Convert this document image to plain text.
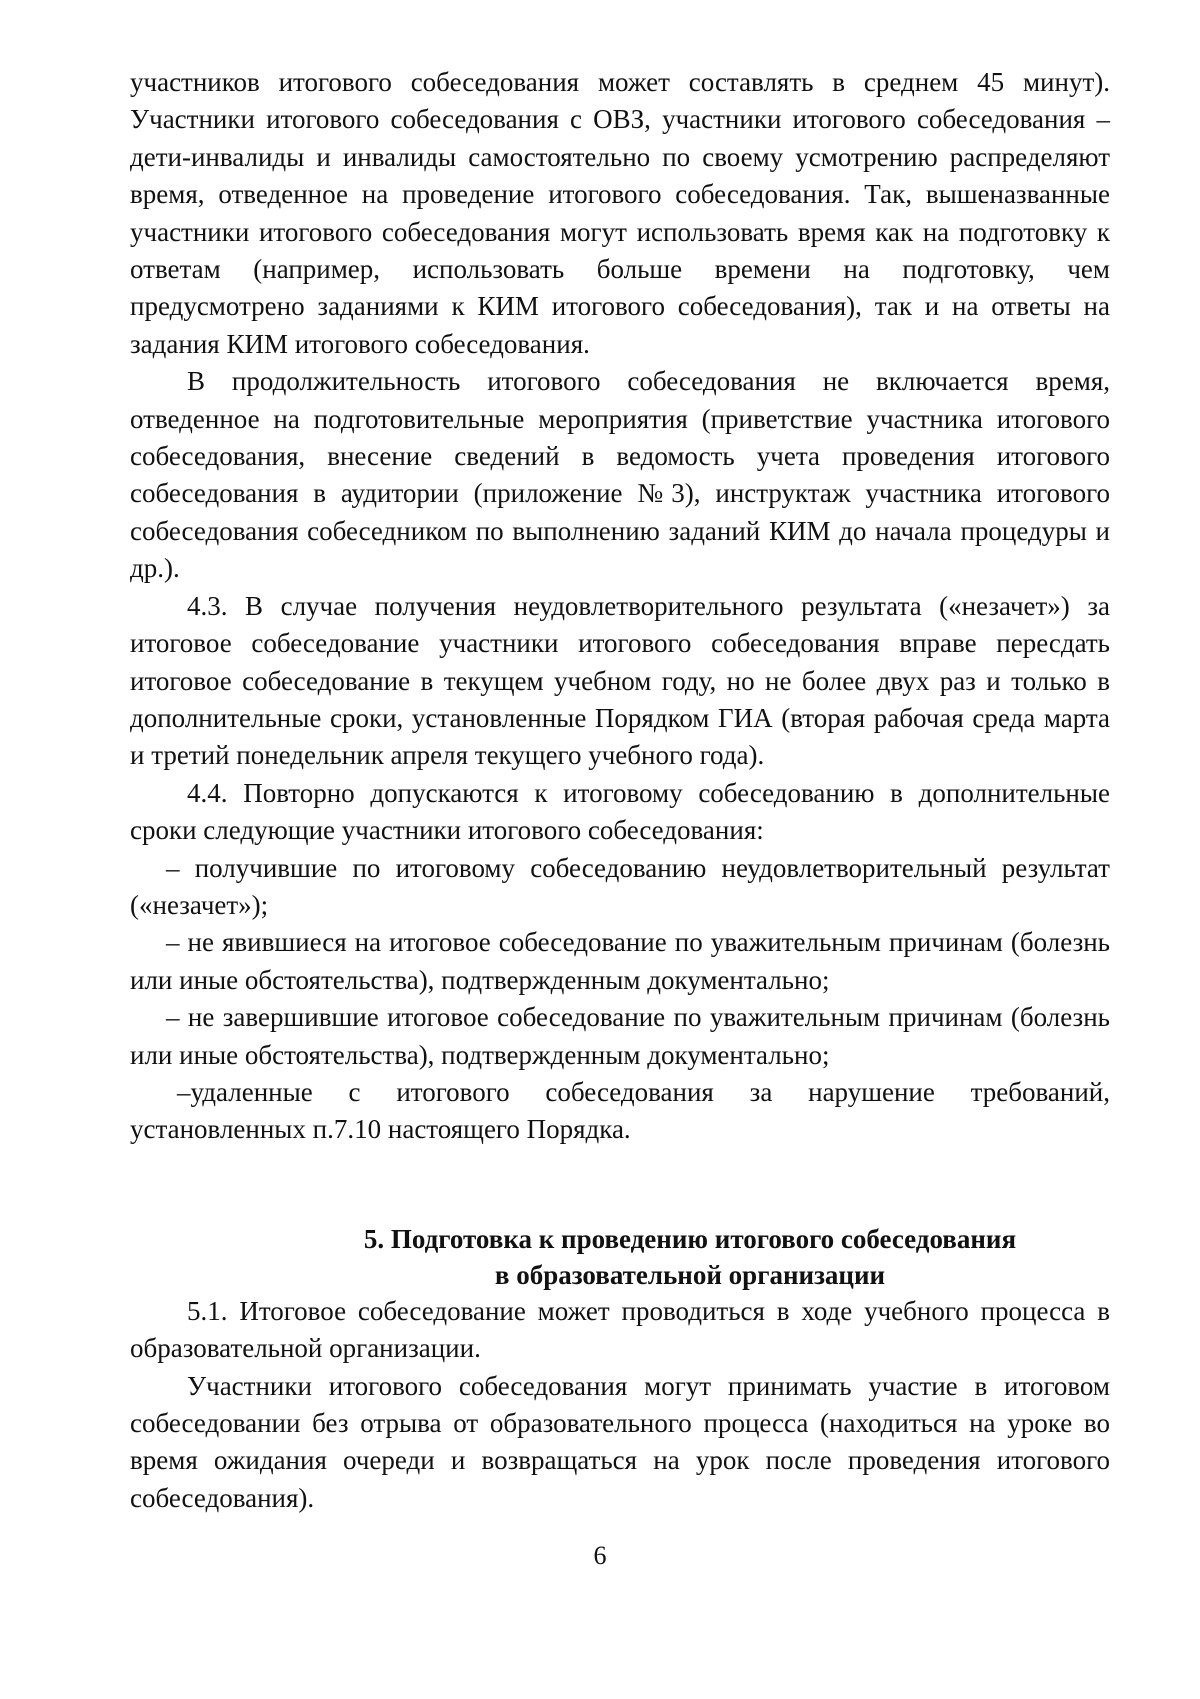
участников итогового собеседования может составлять в среднем 45 минут). Участники итогового собеседования с ОВЗ, участники итогового собеседования – дети-инвалиды и инвалиды самостоятельно по своему усмотрению распределяют время, отведенное на проведение итогового собеседования. Так, вышеназванные участники итогового собеседования могут использовать время как на подготовку к ответам (например, использовать больше времени на подготовку, чем предусмотрено заданиями к КИМ итогового собеседования), так и на ответы на задания КИМ итогового собеседования.

В продолжительность итогового собеседования не включается время, отведенное на подготовительные мероприятия (приветствие участника итогового собеседования, внесение сведений в ведомость учета проведения итогового собеседования в аудитории (приложение №3), инструктаж участника итогового собеседования собеседником по выполнению заданий КИМ до начала процедуры и др.).

4.3. В случае получения неудовлетворительного результата («незачет») за итоговое собеседование участники итогового собеседования вправе пересдать итоговое собеседование в текущем учебном году, но не более двух раз и только в дополнительные сроки, установленные Порядком ГИА (вторая рабочая среда марта и третий понедельник апреля текущего учебного года).

4.4. Повторно допускаются к итоговому собеседованию в дополнительные сроки следующие участники итогового собеседования:

– получившие по итоговому собеседованию неудовлетворительный результат («незачет»);

– не явившиеся на итоговое собеседование по уважительным причинам (болезнь или иные обстоятельства), подтвержденным документально;

– не завершившие итоговое собеседование по уважительным причинам (болезнь или иные обстоятельства), подтвержденным документально;

–удаленные с итогового собеседования за нарушение требований, установленных п.7.10 настоящего Порядка.

5. Подготовка к проведению итогового собеседования
в образовательной организации

5.1. Итоговое собеседование может проводиться в ходе учебного процесса в образовательной организации.

Участники итогового собеседования могут принимать участие в итоговом собеседовании без отрыва от образовательного процесса (находиться на уроке во время ожидания очереди и возвращаться на урок после проведения итогового собеседования).

6
